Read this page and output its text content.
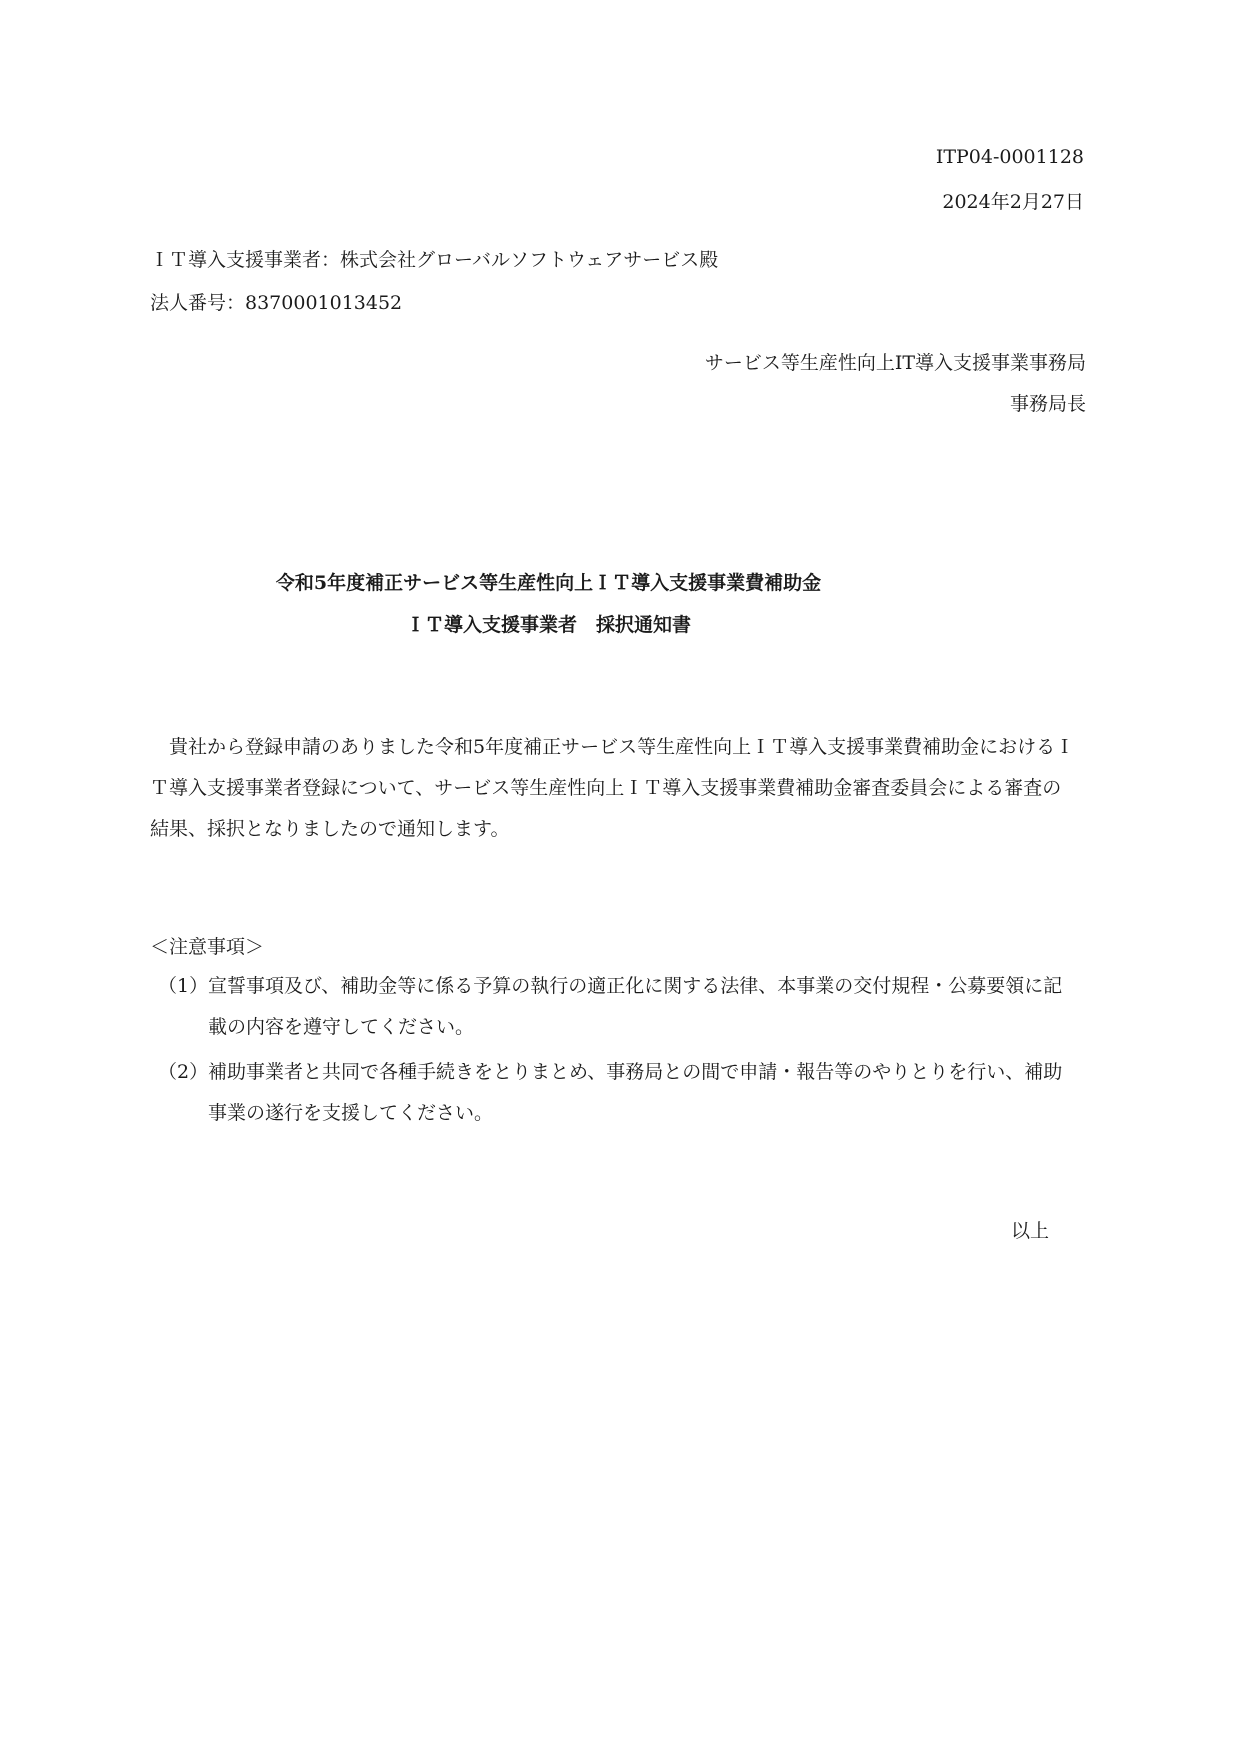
ITP04-0001128
2024年2月27日
ＩＴ導入支援事業者：株式会社グローバルソフトウェアサービス殿
法人番号：8370001013452
サービス等生産性向上IT導入支援事業事務局
事務局長
令和5年度補正サービス等生産性向上ＩＴ導入支援事業費補助金
ＩＴ導入支援事業者　採択通知書
貴社から登録申請のありました令和5年度補正サービス等生産性向上ＩＴ導入支援事業費補助金におけるＩＴ導入支援事業者登録について、サービス等生産性向上ＩＴ導入支援事業費補助金審査委員会による審査の結果、採択となりましたので通知します。
＜注意事項＞
（1） 宣誓事項及び、補助金等に係る予算の執行の適正化に関する法律、本事業の交付規程・公募要領に記載の内容を遵守してください。
（2） 補助事業者と共同で各種手続きをとりまとめ、事務局との間で申請・報告等のやりとりを行い、補助事業の遂行を支援してください。
以上
